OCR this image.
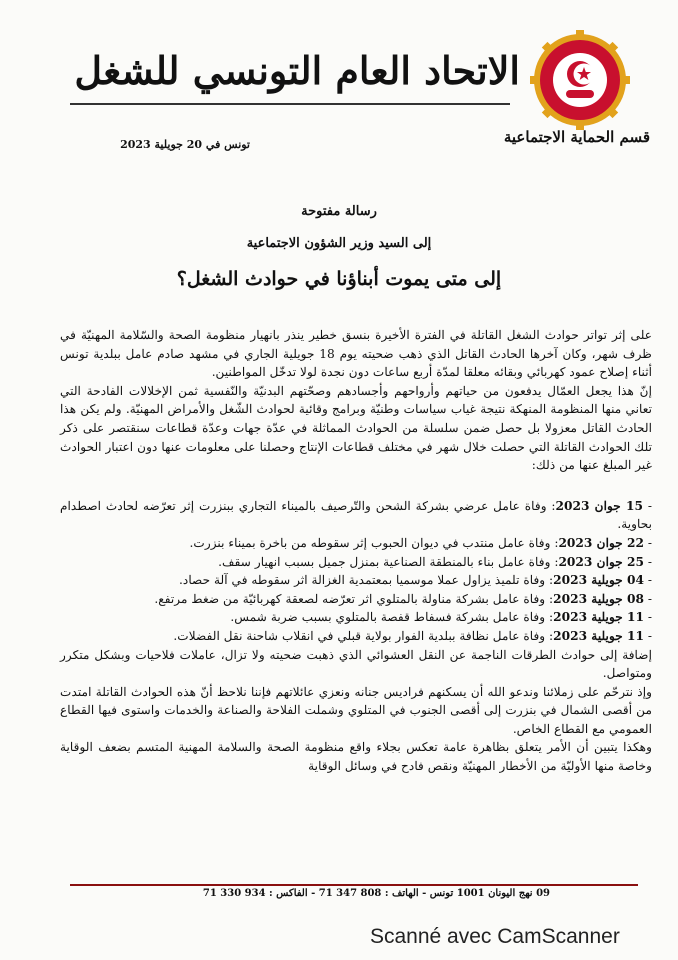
الاتحاد العام التونسي للشغل
قسم الحماية الاجتماعية
تونس في 20 جويلية 2023
رسالة مفتوحة
إلى السيد وزير الشؤون الاجتماعية
إلى متى يموت أبناؤنا في حوادث الشغل؟

على إثر تواتر حوادث الشغل القاتلة في الفترة الأخيرة بنسق خطير ينذر بانهيار منظومة الصحة والسّلامة المهنيّة في ظرف شهر، وكان آخرها الحادث القاتل الذي ذهب ضحيته يوم 18 جويلية الجاري في مشهد صادم عامل ببلدية تونس أثناء إصلاح عمود كهربائي وبقائه معلقا لمدّة أربع ساعات دون نجدة لولا تدخّل المواطنين.

إنّ هذا يجعل العمّال يدفعون من حياتهم وأرواحهم وأجسادهم وصحّتهم البدنيّة والنّفسية ثمن الإخلالات الفادحة التي تعاني منها المنظومة المنهكة نتيجة غياب سياسات وطنيّة وبرامج وقائية لحوادث الشّغل والأمراض المهنيّة. ولم يكن هذا الحادث القاتل معزولا بل حصل ضمن سلسلة من الحوادث المماثلة في عدّة جهات وعدّة قطاعات سنقتصر على ذكر تلك الحوادث القاتلة التي حصلت خلال شهر في مختلف قطاعات الإنتاج وحصلنا على معلومات عنها دون اعتبار الحوادث غير المبلغ عنها من ذلك:

- 15 جوان 2023: وفاة عامل عرضي بشركة الشحن والتّرصيف بالميناء التجاري ببنزرت إثر تعرّضه لحادث اصطدام بحاوية.
- 22 جوان 2023: وفاة عامل منتدب في ديوان الحبوب إثر سقوطه من باخرة بميناء بنزرت.
- 25 جوان 2023: وفاة عامل بناء بالمنطقة الصناعية بمنزل جميل بسبب انهيار سقف.
- 04 جويلية 2023: وفاة تلميذ يزاول عملا موسميا بمعتمدية الغزالة اثر سقوطه في آلة حصاد.
- 08 جويلية 2023: وفاة عامل بشركة مناولة بالمتلوي اثر تعرّضه لصعقة كهربائيّة من ضغط مرتفع.
- 11 جويلية 2023: وفاة عامل بشركة فسفاط قفصة بالمتلوي بسبب ضربة شمس.
- 11 جويلية 2023: وفاة عامل نظافة ببلدية الفوار بولاية قبلي في انقلاب شاحنة نقل الفضلات.

إضافة إلى حوادث الطرقات الناجمة عن النقل العشوائي الذي ذهبت ضحيته ولا تزال، عاملات فلاحيات وبشكل متكرر ومتواصل.

وإذ نترحّم على زملائنا وندعو الله أن يسكنهم فراديس جنانه ونعزي عائلاتهم فإننا نلاحظ أنّ هذه الحوادث القاتلة امتدت من أقصى الشمال في بنزرت إلى أقصى الجنوب في المتلوي وشملت الفلاحة والصناعة والخدمات واستوى فيها القطاع العمومي مع القطاع الخاص.

وهكذا يتبين أن الأمر يتعلق بظاهرة عامة تعكس بجلاء واقع منظومة الصحة والسلامة المهنية المتسم بضعف الوقاية وخاصة منها الأوليّة من الأخطار المهنيّة ونقص فادح في وسائل الوقاية

09 نهج اليونان 1001 تونس - الهاتف : 808 347 71 - الفاكس : 934 330 71
Scanné avec CamScanner
